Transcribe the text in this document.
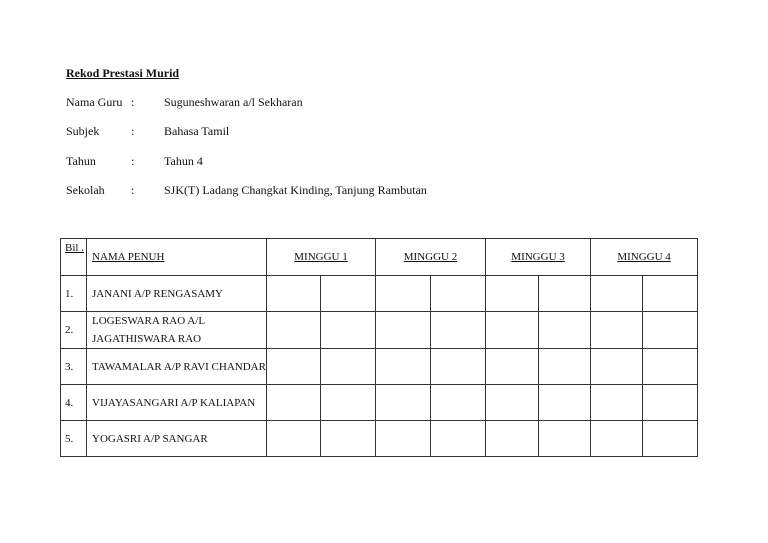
Rekod Prestasi Murid
Nama Guru : Suguneshwaran a/l Sekharan
Subjek	: Bahasa Tamil
Tahun	: Tahun 4
Sekolah : SJK(T) Ladang Changkat Kinding, Tanjung Rambutan
Bil .	NAMA PENUH	MINGGU 1		MINGGU 2		MINGGU 3		MINGGU 4	
1.	JANANI A/P RENGASAMY								
2.	LOGESWARA RAO A/L JAGATHISWARA RAO								
3.	TAWAMALAR A/P RAVI CHANDAR								
4.	VIJAYASANGARI A/P KALIAPAN								
5.	YOGASRI A/P SANGAR								
